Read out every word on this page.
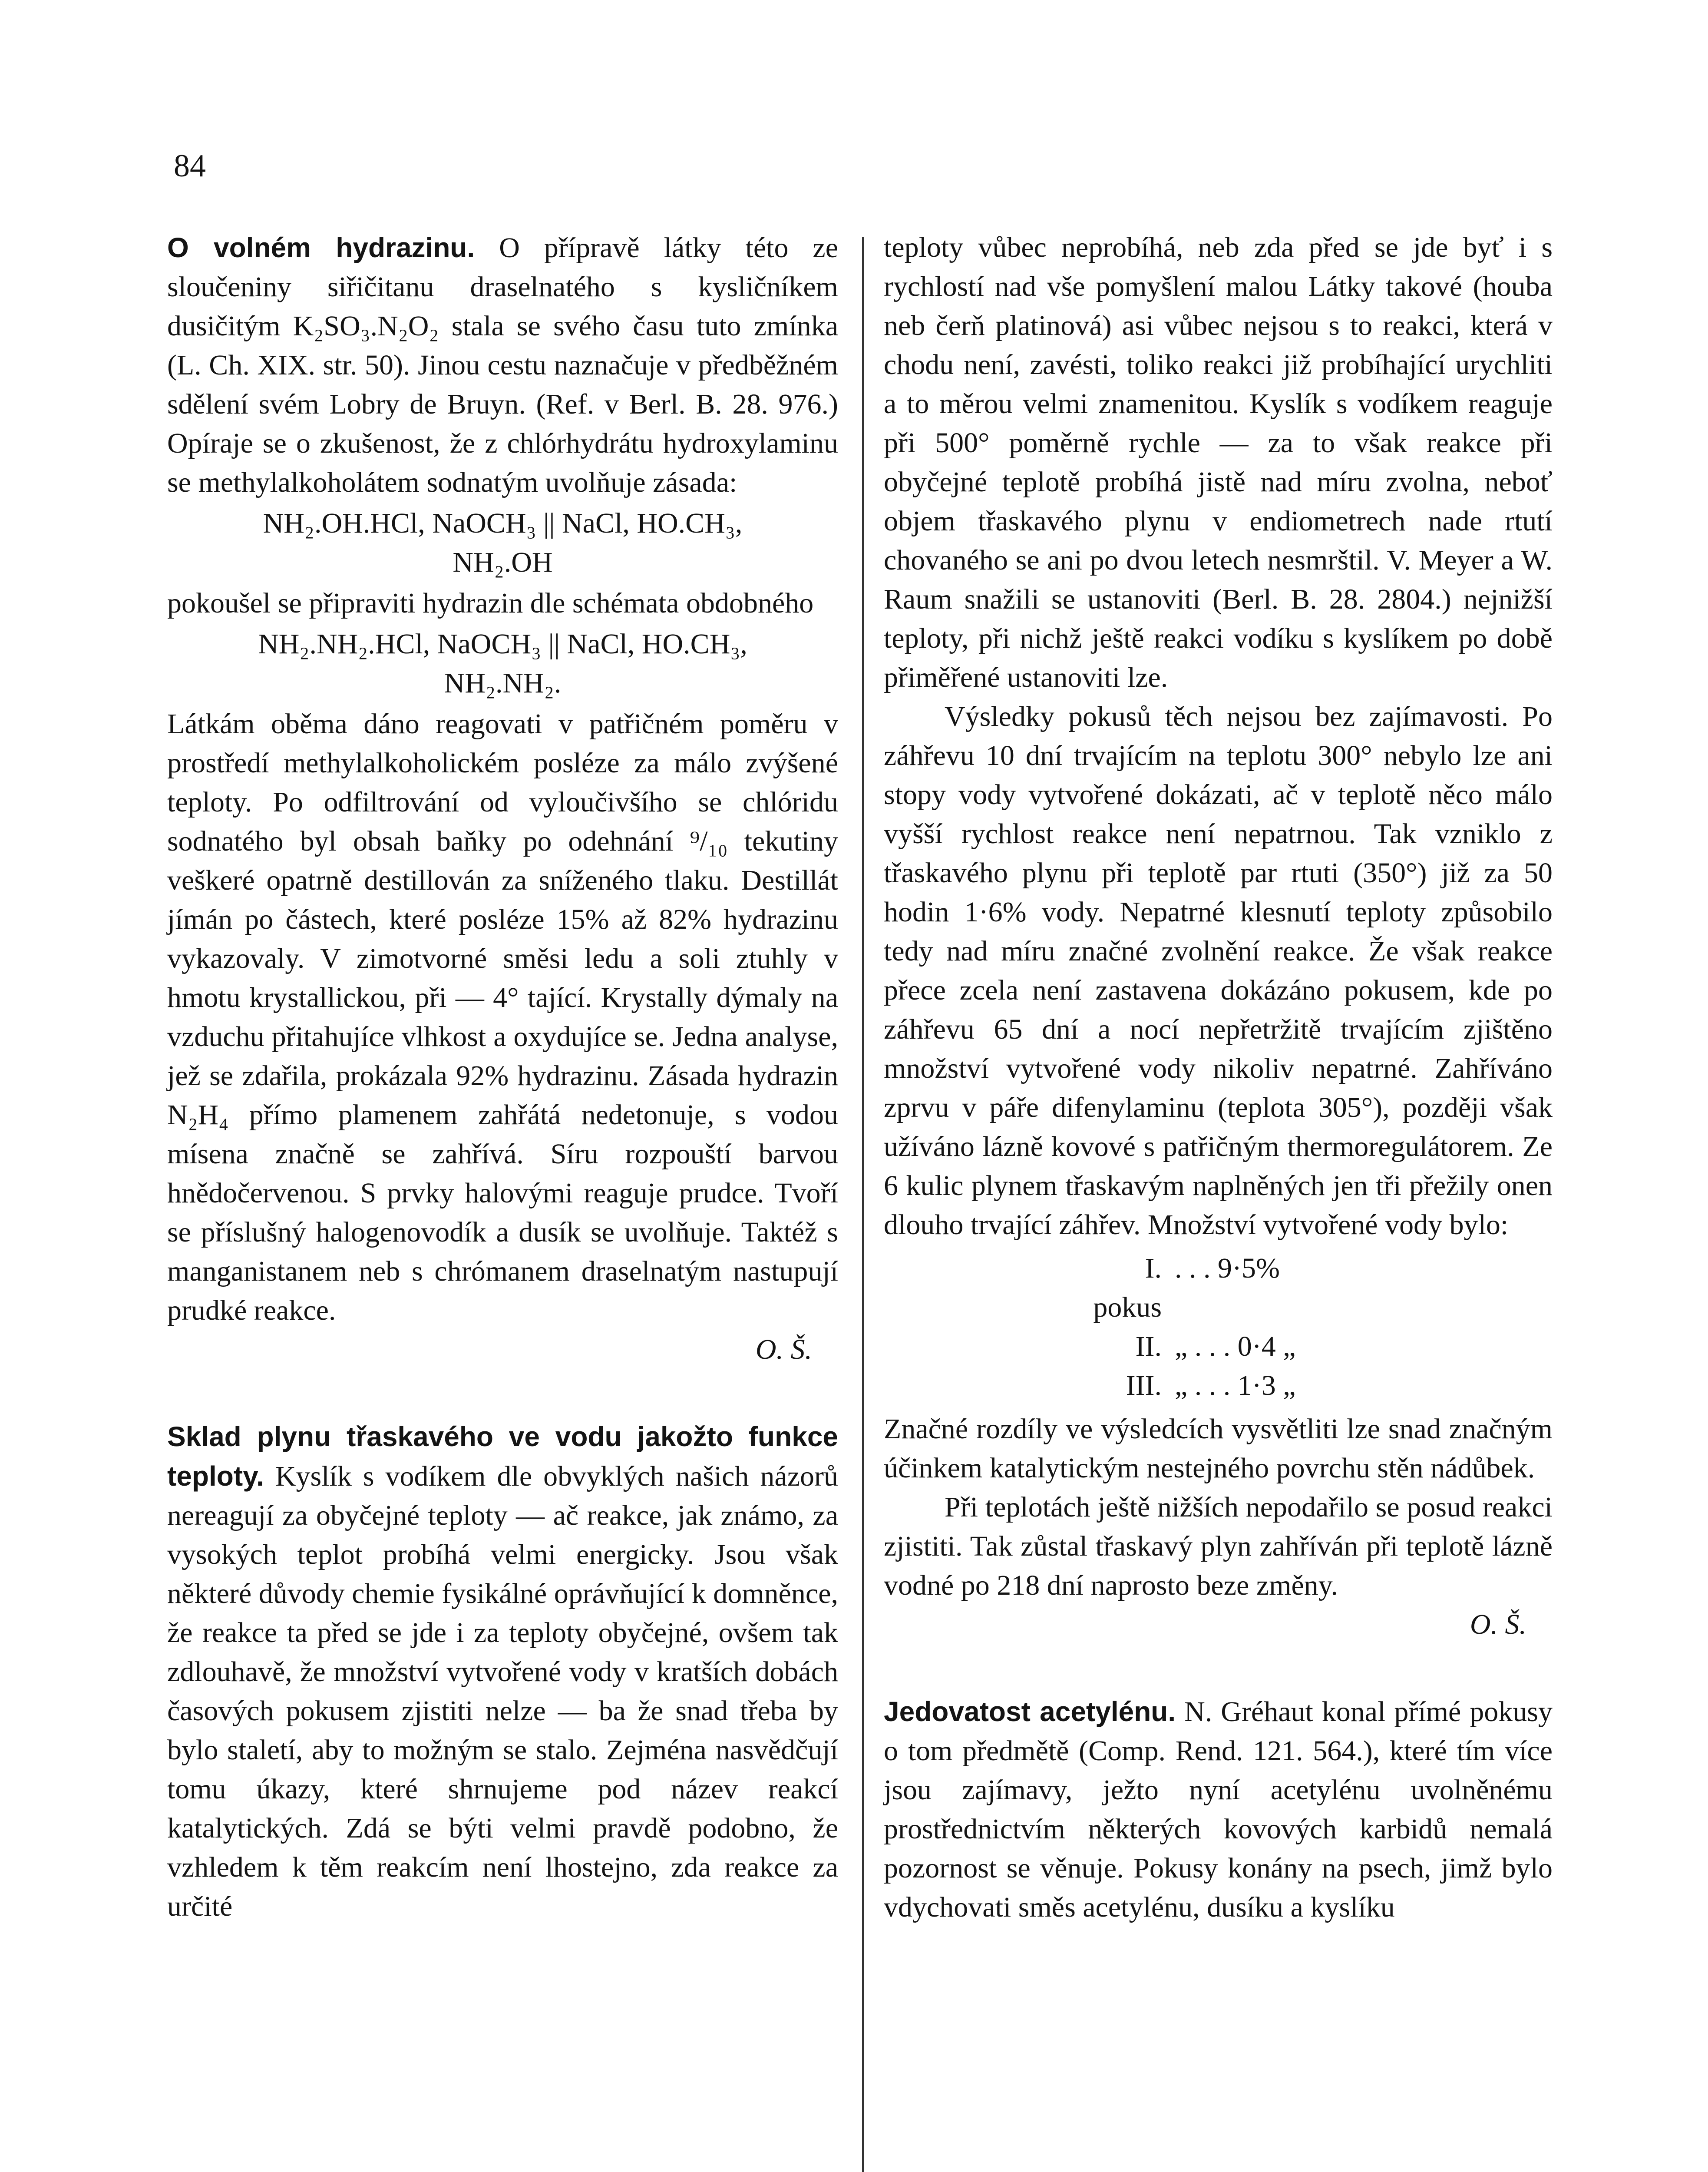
84

O volném hydrazinu. O přípravě látky této ze sloučeniny siřičitanu draselnatého s kysličníkem dusičitým K₂SO₃.N₂O₂ stala se svého času tuto zmínka (L. Ch. XIX. str. 50). Jinou cestu naznačuje v předběžném sdělení svém Lobry de Bruyn. (Ref. v Berl. B. 28. 976.) Opíraje se o zkušenost, že z chlórhydrátu hydroxylaminu se methylalkoholátem sodnatým uvolňuje zásada:

NH₂.OH.HCl, NaOCH₃ || NaCl, HO.CH₃,
NH₂.OH

pokoušel se připraviti hydrazin dle schémata obdobného

NH₂.NH₂.HCl, NaOCH₃ || NaCl, HO.CH₃,
NH₂.NH₂.

Látkám oběma dáno reagovati v patřičném poměru v prostředí methylalkoholickém posléze za málo zvýšené teploty. Po odfiltrování od vyloučivšího se chlóridu sodnatého byl obsah baňky po odehnání ⁹/₁₀ tekutiny veškeré opatrně destillován za sníženého tlaku. Destillát jímán po částech, které posléze 15% až 82% hydrazinu vykazovaly. V zimotvorné směsi ledu a soli ztuhly v hmotu krystallickou, při — 4° tající. Krystally dýmaly na vzduchu přitahujíce vlhkost a oxydujíce se. Jedna analyse, jež se zdařila, prokázala 92% hydrazinu. Zásada hydrazin N₂H₄ přímo plamenem zahřátá nedetonuje, s vodou mísena značně se zahřívá. Síru rozpouští barvou hnědočervenou. S prvky halovými reaguje prudce. Tvoří se příslušný halogenovodík a dusík se uvolňuje. Taktéž s manganistanem neb s chrómanem draselnatým nastupují prudké reakce.

O. Š.

Sklad plynu třaskavého ve vodu jakožto funkce teploty. Kyslík s vodíkem dle obvyklých našich názorů nereagují za obyčejné teploty — ač reakce, jak známo, za vysokých teplot probíhá velmi energicky. Jsou však některé důvody chemie fysikálné oprávňující k domněnce, že reakce ta před se jde i za teploty obyčejné, ovšem tak zdlouhavě, že množství vytvořené vody v kratších dobách časových pokusem zjistiti nelze — ba že snad třeba by bylo staletí, aby to možným se stalo. Zejména nasvědčují tomu úkazy, které shrnujeme pod název reakcí katalytických. Zdá se býti velmi pravdě podobno, že vzhledem k těm reakcím není lhostejno, zda reakce za určité

teploty vůbec neprobíhá, neb zda před se jde byť i s rychlostí nad vše pomyšlení malou Látky takové (houba neb čerň platinová) asi vůbec nejsou s to reakci, která v chodu není, zavésti, toliko reakci již probíhající urychliti a to měrou velmi znamenitou. Kyslík s vodíkem reaguje při 500° poměrně rychle — za to však reakce při obyčejné teplotě probíhá jistě nad míru zvolna, neboť objem třaskavého plynu v endiometrech nade rtutí chovaného se ani po dvou letech nesmrštil. V. Meyer a W. Raum snažili se ustanoviti (Berl. B. 28. 2804.) nejnižší teploty, při nichž ještě reakci vodíku s kyslíkem po době přiměřené ustanoviti lze.

Výsledky pokusů těch nejsou bez zajímavosti. Po záhřevu 10 dní trvajícím na teplotu 300° nebylo lze ani stopy vody vytvořené dokázati, ač v teplotě něco málo vyšší rychlost reakce není nepatrnou. Tak vzniklo z třaskavého plynu při teplotě par rtuti (350°) již za 50 hodin 1·6% vody. Nepatrné klesnutí teploty způsobilo tedy nad míru značné zvolnění reakce. Že však reakce přece zcela není zastavena dokázáno pokusem, kde po záhřevu 65 dní a nocí nepřetržitě trvajícím zjištěno množství vytvořené vody nikoliv nepatrné. Zahříváno zprvu v páře difenylaminu (teplota 305°), později však užíváno lázně kovové s patřičným thermoregulátorem. Ze 6 kulic plynem třaskavým naplněných jen tři přežily onen dlouho trvající záhřev. Množství vytvořené vody bylo:

I. pokus
. . . 9·5%
II. „ . . . 0·4 „
III. „ . . . 1·3 „

Značné rozdíly ve výsledcích vysvětliti lze snad značným účinkem katalytickým nestejného povrchu stěn nádůbek.

Při teplotách ještě nižších nepodařilo se posud reakci zjistiti. Tak zůstal třaskavý plyn zahříván při teplotě lázně vodné po 218 dní naprosto beze změny.

O. Š.

Jedovatost acetylénu. N. Gréhaut konal přímé pokusy o tom předmětě (Comp. Rend. 121. 564.), které tím více jsou zajímavy, ježto nyní acetylénu uvolněnému prostřednictvím některých kovových karbidů nemalá pozornost se věnuje. Pokusy konány na psech, jimž bylo vdychovati směs acetylénu, dusíku a kyslíku
